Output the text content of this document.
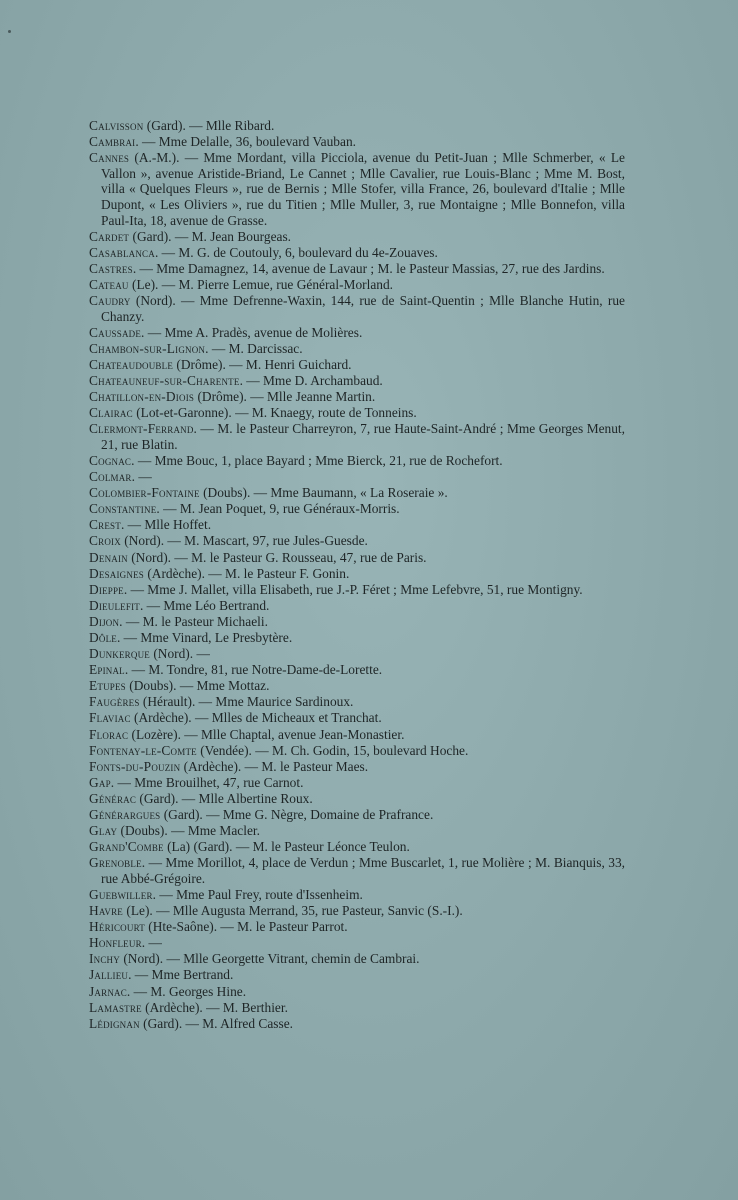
Calvisson (Gard). — Mlle Ribard.

Cambrai. — Mme Delalle, 36, boulevard Vauban.

Cannes (A.-M.). — Mme Mordant, villa Picciola, avenue du Petit-Juan ; Mlle Schmerber, « Le Vallon », avenue Aristide-Briand, Le Cannet ; Mlle Cavalier, rue Louis-Blanc ; Mme M. Bost, villa « Quelques Fleurs », rue de Bernis ; Mlle Stofer, villa France, 26, boulevard d'Italie ; Mlle Dupont, « Les Oliviers », rue du Titien ; Mlle Muller, 3, rue Montaigne ; Mlle Bonnefon, villa Paul-Ita, 18, avenue de Grasse.

Cardet (Gard). — M. Jean Bourgeas.

Casablanca. — M. G. de Coutouly, 6, boulevard du 4e-Zouaves.

Castres. — Mme Damagnez, 14, avenue de Lavaur ; M. le Pasteur Massias, 27, rue des Jardins.

Cateau (Le). — M. Pierre Lemue, rue Général-Morland.

Caudry (Nord). — Mme Defrenne-Waxin, 144, rue de Saint-Quentin ; Mlle Blanche Hutin, rue Chanzy.

Caussade. — Mme A. Pradès, avenue de Molières.

Chambon-sur-Lignon. — M. Darcissac.

Chateaudouble (Drôme). — M. Henri Guichard.

Chateauneuf-sur-Charente. — Mme D. Archambaud.

Chatillon-en-Diois (Drôme). — Mlle Jeanne Martin.

Clairac (Lot-et-Garonne). — M. Knaegy, route de Tonneins.

Clermont-Ferrand. — M. le Pasteur Charreyron, 7, rue Haute-Saint-André ; Mme Georges Menut, 21, rue Blatin.

Cognac. — Mme Bouc, 1, place Bayard ; Mme Bierck, 21, rue de Rochefort.

Colmar. —

Colombier-Fontaine (Doubs). — Mme Baumann, « La Roseraie ».

Constantine. — M. Jean Poquet, 9, rue Généraux-Morris.

Crest. — Mlle Hoffet.

Croix (Nord). — M. Mascart, 97, rue Jules-Guesde.

Denain (Nord). — M. le Pasteur G. Rousseau, 47, rue de Paris.

Desaignes (Ardèche). — M. le Pasteur F. Gonin.

Dieppe. — Mme J. Mallet, villa Elisabeth, rue J.-P. Féret ; Mme Lefebvre, 51, rue Montigny.

Dieulefit. — Mme Léo Bertrand.

Dijon. — M. le Pasteur Michaeli.

Dôle. — Mme Vinard, Le Presbytère.

Dunkerque (Nord). —

Epinal. — M. Tondre, 81, rue Notre-Dame-de-Lorette.

Etupes (Doubs). — Mme Mottaz.

Faugères (Hérault). — Mme Maurice Sardinoux.

Flaviac (Ardèche). — Mlles de Micheaux et Tranchat.

Florac (Lozère). — Mlle Chaptal, avenue Jean-Monastier.

Fontenay-le-Comte (Vendée). — M. Ch. Godin, 15, boulevard Hoche.

Fonts-du-Pouzin (Ardèche). — M. le Pasteur Maes.

Gap. — Mme Brouilhet, 47, rue Carnot.

Générac (Gard). — Mlle Albertine Roux.

Générargues (Gard). — Mme G. Nègre, Domaine de Prafrance.

Glay (Doubs). — Mme Macler.

Grand'Combe (La) (Gard). — M. le Pasteur Léonce Teulon.

Grenoble. — Mme Morillot, 4, place de Verdun ; Mme Buscarlet, 1, rue Molière ; M. Bianquis, 33, rue Abbé-Grégoire.

Guebwiller. — Mme Paul Frey, route d'Issenheim.

Havre (Le). — Mlle Augusta Merrand, 35, rue Pasteur, Sanvic (S.-I.).

Héricourt (Hte-Saône). — M. le Pasteur Parrot.

Honfleur. —

Inchy (Nord). — Mlle Georgette Vitrant, chemin de Cambrai.

Jallieu. — Mme Bertrand.

Jarnac. — M. Georges Hine.

Lamastre (Ardèche). — M. Berthier.

Lédignan (Gard). — M. Alfred Casse.
